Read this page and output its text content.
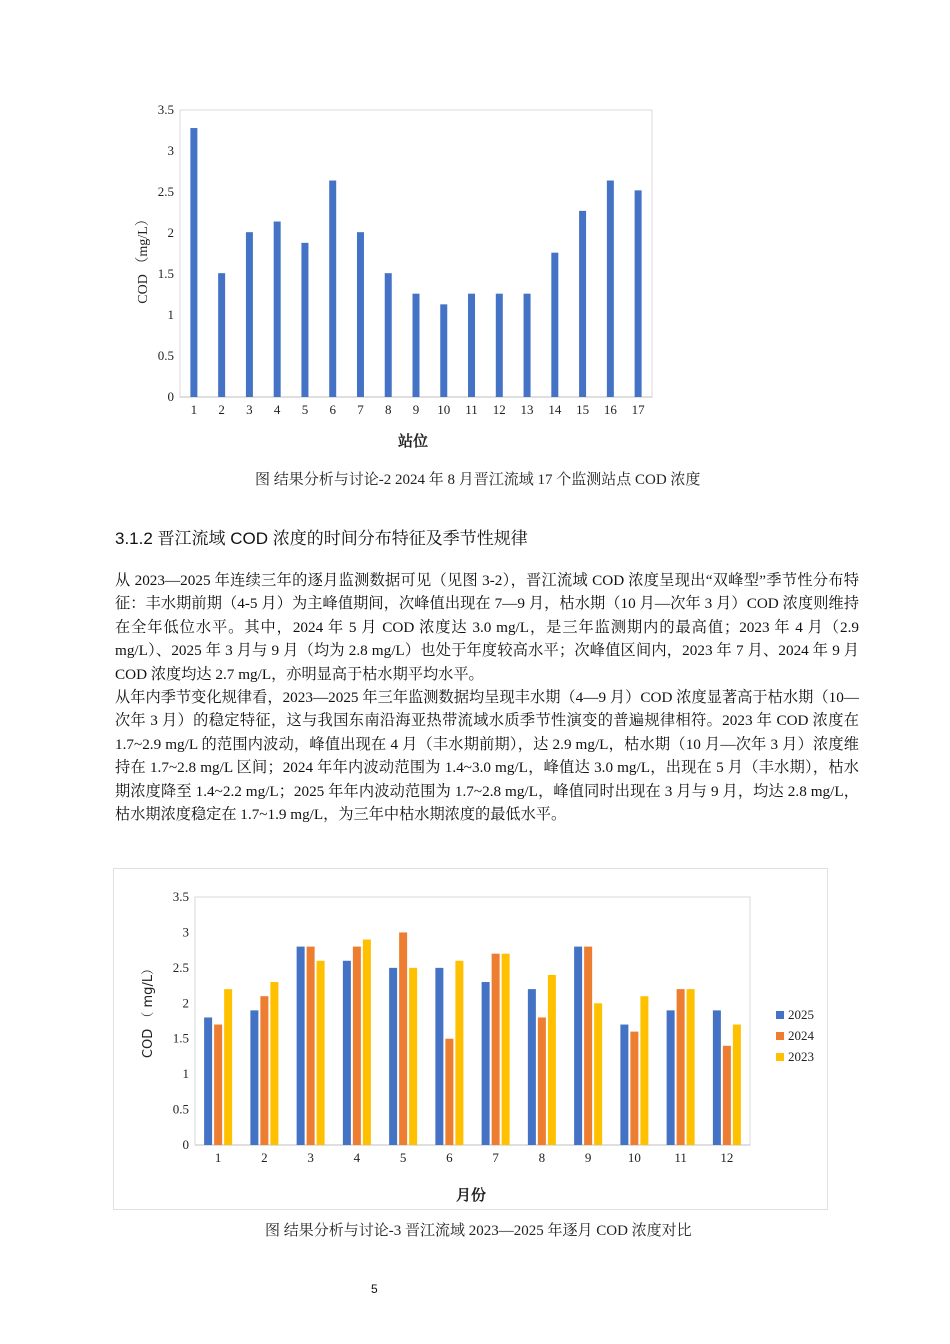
0
0.5
1
1.5
2
2.5
3
3.5
1 2 3 4 5 6 7 8 9 10 11 12 13 14 15 16 17
COD （mg/L）
站位
图 结果分析与讨论-2 2024 年 8 月晋江流域 17 个监测站点 COD 浓度
3.1.2 晋江流域 COD 浓度的时间分布特征及季节性规律

从 2023—2025 年连续三年的逐月监测数据可见（见图 3-2），晋江流域 COD 浓度呈现出“双峰型”季节性分布特征：丰水期前期（4-5 月）为主峰值期间，次峰值出现在 7—9 月，枯水期（10 月—次年 3 月）COD 浓度则维持在全年低位水平。其中，2024 年 5 月 COD 浓度达 3.0 mg/L，是三年监测期内的最高值；2023 年 4 月（2.9 mg/L）、2025 年 3 月与 9 月（均为 2.8 mg/L）也处于年度较高水平；次峰值区间内，2023 年 7 月、2024 年 9 月 COD 浓度均达 2.7 mg/L，亦明显高于枯水期平均水平。

从年内季节变化规律看，2023—2025 年三年监测数据均呈现丰水期（4—9 月）COD 浓度显著高于枯水期（10—次年 3 月）的稳定特征，这与我国东南沿海亚热带流域水质季节性演变的普遍规律相符。2023 年 COD 浓度在 1.7~2.9 mg/L 的范围内波动，峰值出现在 4 月（丰水期前期），达 2.9 mg/L，枯水期（10 月—次年 3 月）浓度维持在 1.7~2.8 mg/L 区间；2024 年年内波动范围为 1.4~3.0 mg/L，峰值达 3.0 mg/L，出现在 5 月（丰水期），枯水期浓度降至 1.4~2.2 mg/L；2025 年年内波动范围为 1.7~2.8 mg/L，峰值同时出现在 3 月与 9 月，均达 2.8 mg/L，枯水期浓度稳定在 1.7~1.9 mg/L，为三年中枯水期浓度的最低水平。

0
0.5
1
1.5
2
2.5
3
3.5
1	2	3	4	5	6	7	8	9	10	11	12
2025
2024
2023
COD （ mg/L）
月份
图 结果分析与讨论-3 晋江流域 2023—2025 年逐月 COD 浓度对比
5
